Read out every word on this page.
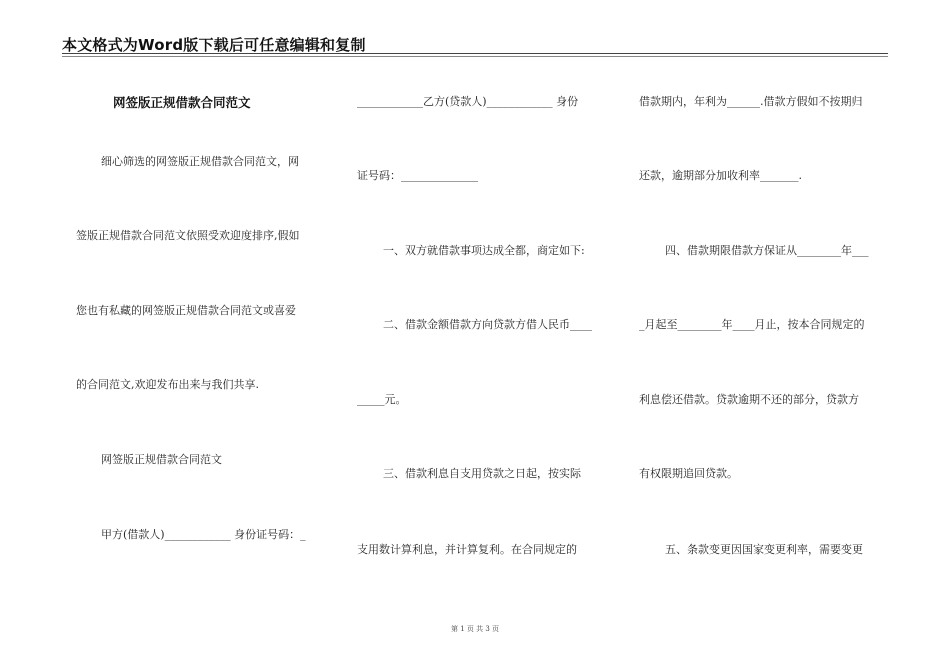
本文格式为Word版下载后可任意编辑和复制
网签版正规借款合同范文
细心筛选的网签版正规借款合同范文，网
签版正规借款合同范文依照受欢迎度排序,假如
您也有私藏的网签版正规借款合同范文或喜爱
的合同范文,欢迎发布出来与我们共享.
网签版正规借款合同范文
甲方(借款人)____________ 身份证号码：_
____________乙方(贷款人)____________ 身份
证号码：______________
一、双方就借款事项达成全都，商定如下:
二、借款金额借款方向贷款方借人民币____
_____元。
三、借款利息自支用贷款之日起，按实际
支用数计算利息，并计算复利。在合同规定的
借款期内，年利为______.借款方假如不按期归
还款，逾期部分加收利率_______.
四、借款期限借款方保证从________年___
_月起至________年____月止，按本合同规定的
利息偿还借款。贷款逾期不还的部分，贷款方
有权限期追回贷款。
五、条款变更因国家变更利率，需要变更
第 1 页 共 3 页
